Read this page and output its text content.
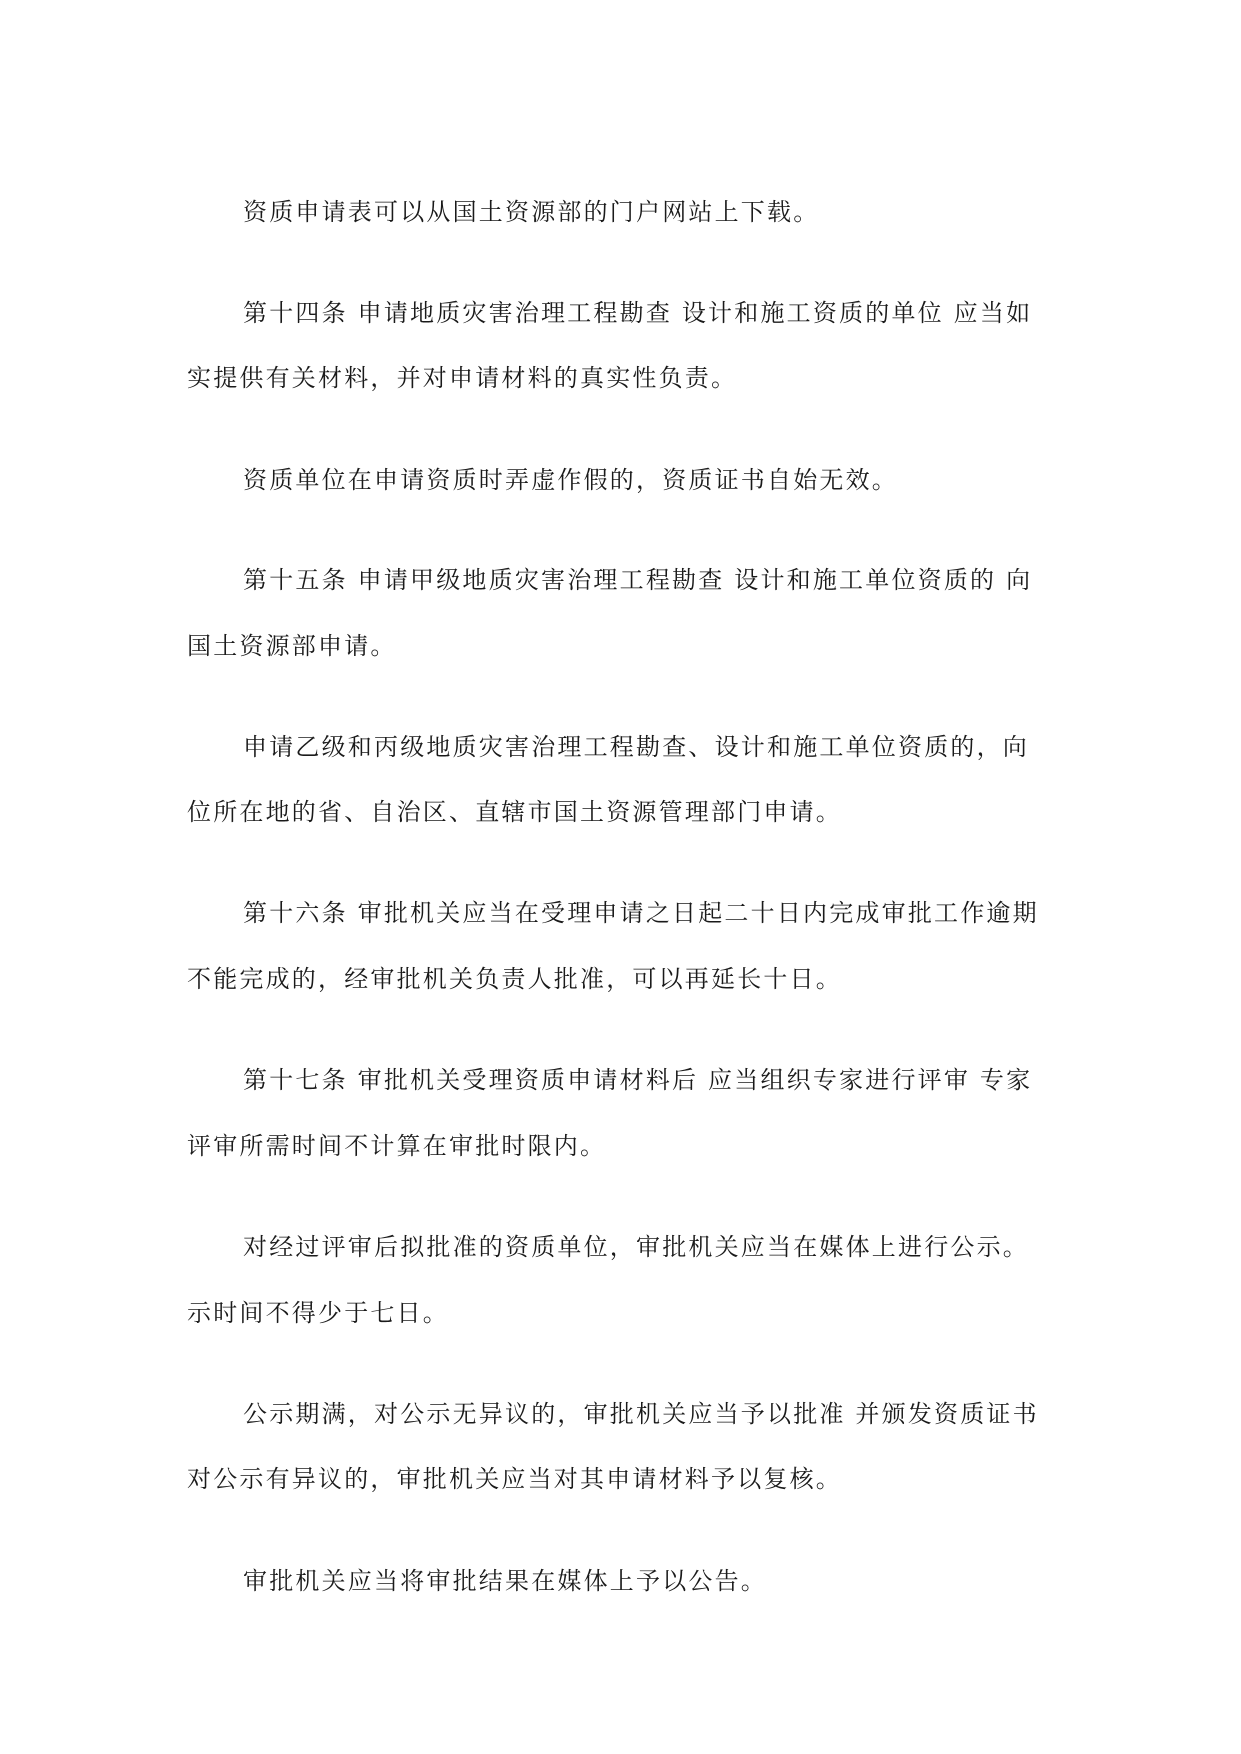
资质申请表可以从国土资源部的门户网站上下载。
第十四条 申请地质灾害治理工程勘查 设计和施工资质的单位 应当如
实提供有关材料，并对申请材料的真实性负责。
资质单位在申请资质时弄虚作假的，资质证书自始无效。
第十五条 申请甲级地质灾害治理工程勘查 设计和施工单位资质的 向
国土资源部申请。
申请乙级和丙级地质灾害治理工程勘查、设计和施工单位资质的，向
位所在地的省、自治区、直辖市国土资源管理部门申请。
第十六条 审批机关应当在受理申请之日起二十日内完成审批工作逾期
不能完成的，经审批机关负责人批准，可以再延长十日。
第十七条 审批机关受理资质申请材料后 应当组织专家进行评审 专家
评审所需时间不计算在审批时限内。
对经过评审后拟批准的资质单位，审批机关应当在媒体上进行公示。
示时间不得少于七日。
公示期满，对公示无异议的，审批机关应当予以批准 并颁发资质证书
对公示有异议的，审批机关应当对其申请材料予以复核。
审批机关应当将审批结果在媒体上予以公告。
